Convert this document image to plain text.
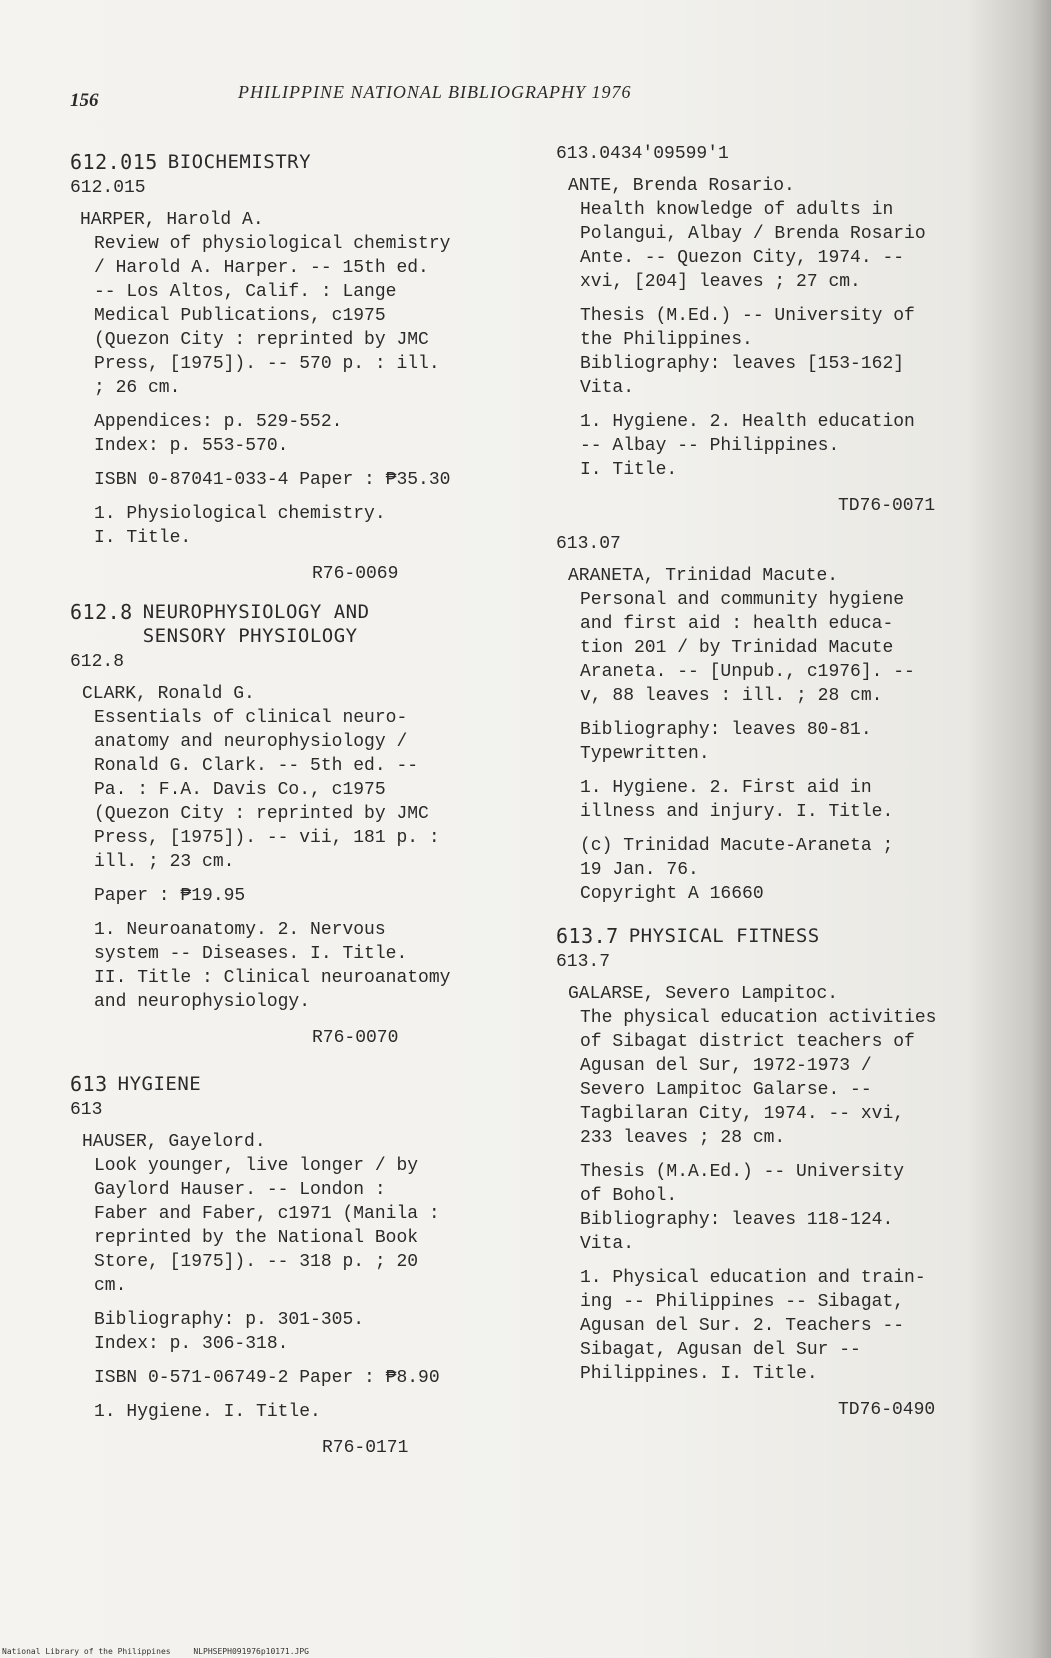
156	PHILIPPINE NATIONAL BIBLIOGRAPHY 1976
612.015 BIOCHEMISTRY
612.015
HARPER, Harold A.
Review of physiological chemistry
/ Harold A. Harper. -- 15th ed.
-- Los Altos, Calif. : Lange
Medical Publications, c1975
(Quezon City : reprinted by JMC
Press, [1975]). -- 570 p. : ill.
; 26 cm.
Appendices: p. 529-552.
Index: p. 553-570.
ISBN 0-87041-033-4 Paper : ₱35.30
1. Physiological chemistry.
I. Title.
R76-0069
612.8 NEUROPHYSIOLOGY AND
SENSORY PHYSIOLOGY
612.8
CLARK, Ronald G.
Essentials of clinical neuro-
anatomy and neurophysiology /
Ronald G. Clark. -- 5th ed. --
Pa. : F.A. Davis Co., c1975
(Quezon City : reprinted by JMC
Press, [1975]). -- vii, 181 p. :
ill. ; 23 cm.
Paper : ₱19.95
1. Neuroanatomy. 2. Nervous
system -- Diseases. I. Title.
II. Title : Clinical neuroanatomy
and neurophysiology.
R76-0070
613 HYGIENE
613
HAUSER, Gayelord.
Look younger, live longer / by
Gaylord Hauser. -- London :
Faber and Faber, c1971 (Manila :
reprinted by the National Book
Store, [1975]). -- 318 p. ; 20
cm.
Bibliography: p. 301-305.
Index: p. 306-318.
ISBN 0-571-06749-2 Paper : ₱8.90
1. Hygiene. I. Title.
R76-0171
613.0434'09599'1
ANTE, Brenda Rosario.
Health knowledge of adults in
Polangui, Albay / Brenda Rosario
Ante. -- Quezon City, 1974. --
xvi, [204] leaves ; 27 cm.
Thesis (M.Ed.) -- University of
the Philippines.
Bibliography: leaves [153-162]
Vita.
1. Hygiene. 2. Health education
-- Albay -- Philippines.
I. Title.
TD76-0071
613.07
ARANETA, Trinidad Macute.
Personal and community hygiene
and first aid : health educa-
tion 201 / by Trinidad Macute
Araneta. -- [Unpub., c1976]. --
v, 88 leaves : ill. ; 28 cm.
Bibliography: leaves 80-81.
Typewritten.
1. Hygiene. 2. First aid in
illness and injury. I. Title.
(c) Trinidad Macute-Araneta ;
19 Jan. 76.
Copyright A 16660
613.7 PHYSICAL FITNESS
613.7
GALARSE, Severo Lampitoc.
The physical education activities
of Sibagat district teachers of
Agusan del Sur, 1972-1973 /
Severo Lampitoc Galarse. --
Tagbilaran City, 1974. -- xvi,
233 leaves ; 28 cm.
Thesis (M.A.Ed.) -- University
of Bohol.
Bibliography: leaves 118-124.
Vita.
1. Physical education and train-
ing -- Philippines -- Sibagat,
Agusan del Sur. 2. Teachers --
Sibagat, Agusan del Sur --
Philippines. I. Title.
TD76-0490
National Library of the Philippines	NLPHSEPH091976p10171.JPG
